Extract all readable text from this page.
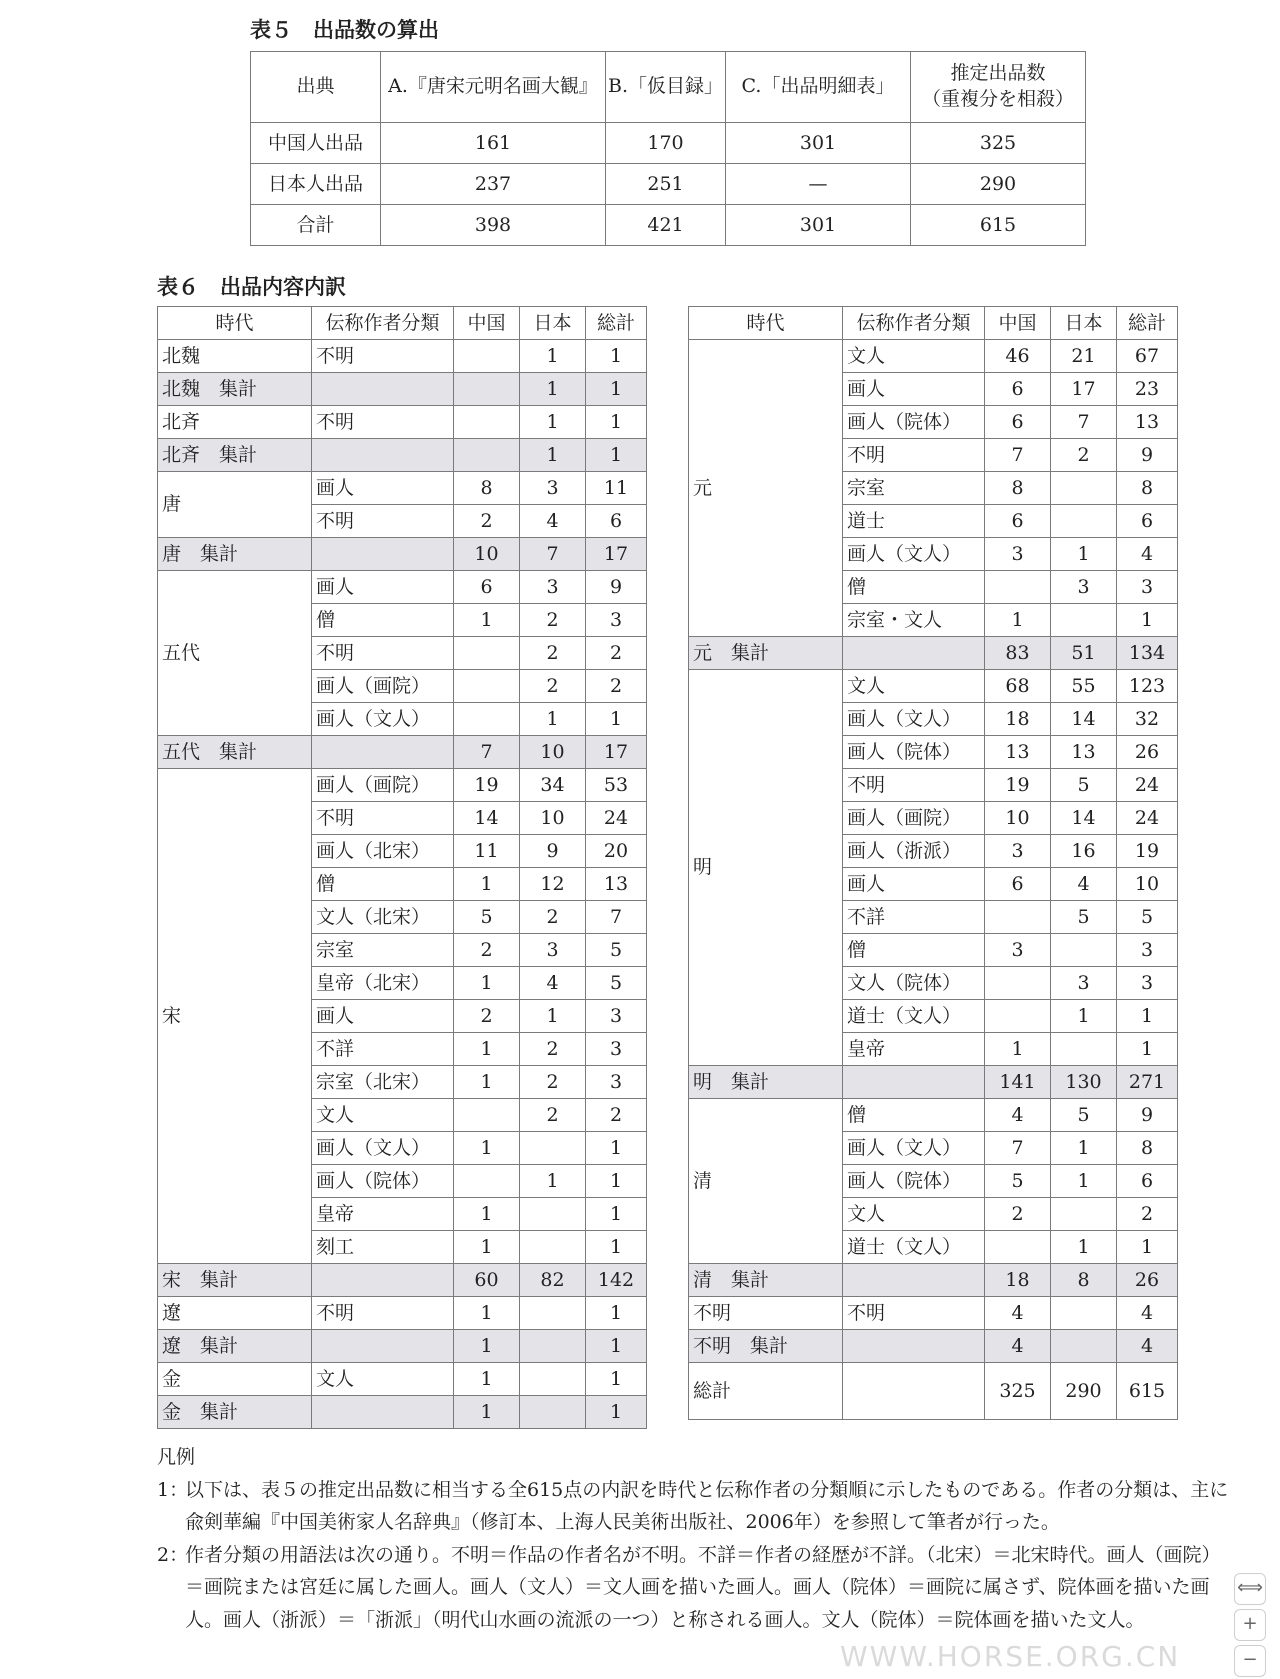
表５　出品数の算出
出典	A.『唐宋元明名画大観』	B.「仮目録」	C.「出品明細表」	推定出品数
（重複分を相殺）
中国人出品	161	170	301	325
日本人出品	237	251	—	290
合計	398	421	301	615
表６　出品内容内訳
時代	伝称作者分類	中国	日本	総計
北魏	不明		1	1
北魏　集計			1	1
北斉	不明		1	1
北斉　集計			1	1
唐	画人	8	3	11
	不明	2	4	6
唐　集計		10	7	17
五代	画人	6	3	9
	僧	1	2	3
	不明		2	2
	画人（画院）		2	2
	画人（文人）		1	1
五代　集計		7	10	17
宋	画人（画院）	19	34	53
	不明	14	10	24
	画人（北宋）	11	9	20
	僧	1	12	13
	文人（北宋）	5	2	7
	宗室	2	3	5
	皇帝（北宋）	1	4	5
	画人	2	1	3
	不詳	1	2	3
	宗室（北宋）	1	2	3
	文人		2	2
	画人（文人）	1		1
	画人（院体）		1	1
	皇帝	1		1
	刻工	1		1
宋　集計		60	82	142
遼	不明	1		1
遼　集計		1		1
金	文人	1		1
金　集計		1		1
時代	伝称作者分類	中国	日本	総計
元	文人	46	21	67
	画人	6	17	23
	画人（院体）	6	7	13
	不明	7	2	9
	宗室	8		8
	道士	6		6
	画人（文人）	3	1	4
	僧		3	3
	宗室・文人	1		1
元　集計		83	51	134
明	文人	68	55	123
	画人（文人）	18	14	32
	画人（院体）	13	13	26
	不明	19	5	24
	画人（画院）	10	14	24
	画人（浙派）	3	16	19
	画人	6	4	10
	不詳		5	5
	僧	3		3
	文人（院体）		3	3
	道士（文人）		1	1
	皇帝	1		1
明　集計		141	130	271
清	僧	4	5	9
	画人（文人）	7	1	8
	画人（院体）	5	1	6
	文人	2		2
	道士（文人）		1	1
清　集計		18	8	26
不明	不明	4		4
不明　集計		4		4
総計		325	290	615
凡例
1：
以下は、表５の推定出品数に相当する全615点の内訳を時代と伝称作者の分類順に示したものである。作者の分類は、主に兪剣華編『中国美術家人名辞典』（修訂本、上海人民美術出版社、2006年）を参照して筆者が行った。
2：
作者分類の用語法は次の通り。不明＝作品の作者名が不明。不詳＝作者の経歴が不詳。（北宋）＝北宋時代。画人（画院）＝画院または宮廷に属した画人。画人（文人）＝文人画を描いた画人。画人（院体）＝画院に属さず、院体画を描いた画人。画人（浙派）＝「浙派」（明代山水画の流派の一つ）と称される画人。文人（院体）＝院体画を描いた文人。
WWW.HORSE.ORG.CN
⟺
+
−
